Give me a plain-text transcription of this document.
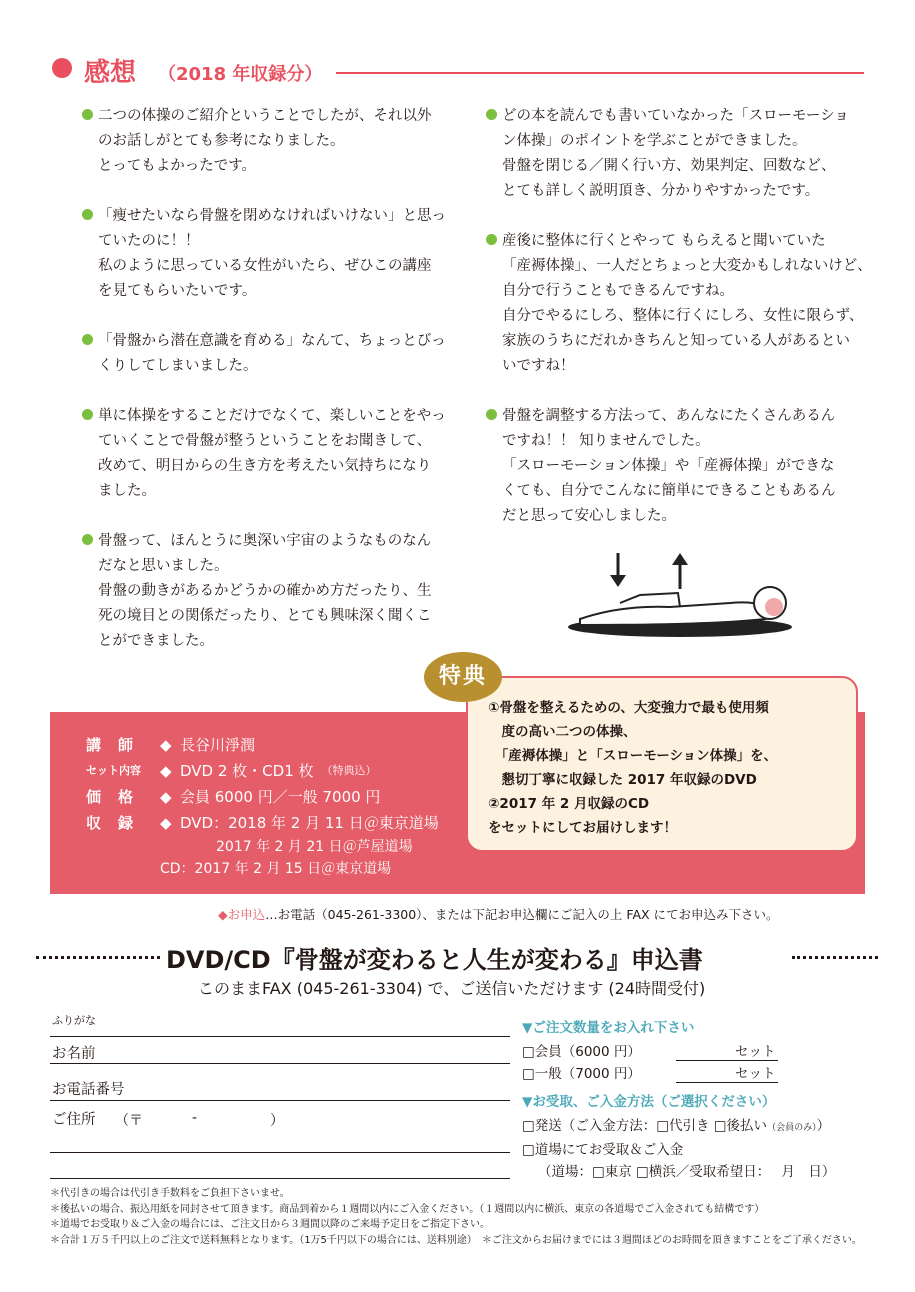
感想 （2018 年収録分）

二つの体操のご紹介ということでしたが、それ以外
のお話しがとても参考になりました。
とってもよかったです。

「痩せたいなら骨盤を閉めなければいけない」と思っ
ていたのに！！
私のように思っている女性がいたら、ぜひこの講座
を見てもらいたいです。

「骨盤から潜在意識を育める」なんて、ちょっとびっ
くりしてしまいました。

単に体操をすることだけでなくて、楽しいことをやっ
ていくことで骨盤が整うということをお聞きして、
改めて、明日からの生き方を考えたい気持ちになり
ました。

骨盤って、ほんとうに奥深い宇宙のようなものなん
だなと思いました。
骨盤の動きがあるかどうかの確かめ方だったり、生
死の境目との関係だったり、とても興味深く聞くこ
とができました。

どの本を読んでも書いていなかった「スローモーショ
ン体操」のポイントを学ぶことができました。
骨盤を閉じる／開く行い方、効果判定、回数など、
とても詳しく説明頂き、分かりやすかったです。

産後に整体に行くとやって もらえると聞いていた
「産褥体操」、一人だとちょっと大変かもしれないけど、
自分で行うこともできるんですね。
自分でやるにしろ、整体に行くにしろ、女性に限らず、
家族のうちにだれかきちんと知っている人があるとい
いですね！

骨盤を調整する方法って、あんなにたくさんあるん
ですね！！ 知りませんでした。
「スローモーション体操」や「産褥体操」ができな
くても、自分でこんなに簡単にできることもあるん
だと思って安心しました。

講　師	◆ 長谷川淨潤
セット内容	◆ DVD 2 枚・CD1 枚 （特典込）
価　格	◆ 会員 6000 円／一般 7000 円
収　録	◆ DVD：2018 年 2 月 11 日＠東京道場
2017 年 2 月 21 日＠芦屋道場
CD：2017 年 2 月 15 日＠東京道場
①骨盤を整えるための、大変強力で最も使用頻
　度の高い二つの体操、
　「産褥体操」と「スローモーション体操」を、
　懇切丁寧に収録した 2017 年収録のDVD
②2017 年 2 月収録のCD
をセットにしてお届けします！
特典
◆お申込…お電話（045-261-3300）、または下記お申込欄にご記入の上 FAX にてお申込み下さい。
DVD/CD『骨盤が変わると人生が変わる』申込書
このままFAX (045-261-3304) で、ご送信いただけます (24時間受付)
ふりがな
お名前
お電話番号
ご住所 （〒	-	）
▼ご注文数量をお入れ下さい
□会員（6000 円）	セット
□一般（7000 円）	セット
▼お受取、ご入金方法（ご選択ください）
□発送（ご入金方法：□代引き □後払い（会員のみ））
□道場にてお受取＆ご入金
（道場：□東京 □横浜／受取希望日：　 月　日）
＊代引きの場合は代引き手数料をご負担下さいませ。
＊後払いの場合、振込用紙を同封させて頂きます。商品到着から１週間以内にご入金ください。（１週間以内に横浜、東京の各道場でご入金されても結構です）
＊道場でお受取り＆ご入金の場合には、ご注文日から３週間以降のご来場予定日をご指定下さい。
＊合計１万５千円以上のご注文で送料無料となります。（1万5千円以下の場合には、送料別途）　＊ご注文からお届けまでには３週間ほどのお時間を頂きますことをご了承ください。
